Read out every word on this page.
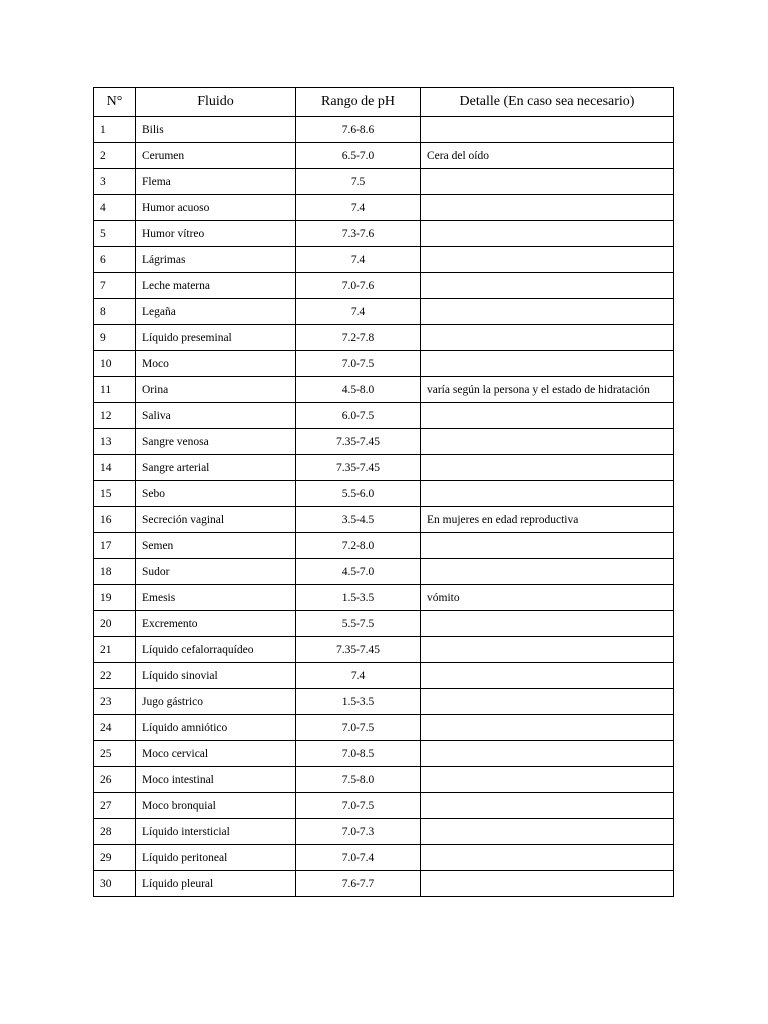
N°	Fluido	Rango de pH	Detalle (En caso sea necesario)
1	Bilis	7.6-8.6	
2	Cerumen	6.5-7.0	Cera del oído
3	Flema	7.5	
4	Humor acuoso	7.4	
5	Humor vítreo	7.3-7.6	
6	Lágrimas	7.4	
7	Leche materna	7.0-7.6	
8	Legaña	7.4	
9	Líquido preseminal	7.2-7.8	
10	Moco	7.0-7.5	
11	Orina	4.5-8.0	varía según la persona y el estado de hidratación
12	Saliva	6.0-7.5	
13	Sangre venosa	7.35-7.45	
14	Sangre arterial	7.35-7.45	
15	Sebo	5.5-6.0	
16	Secreción vaginal	3.5-4.5	En mujeres en edad reproductiva
17	Semen	7.2-8.0	
18	Sudor	4.5-7.0	
19	Emesis	1.5-3.5	vómito
20	Excremento	5.5-7.5	
21	Líquido cefalorraquídeo	7.35-7.45	
22	Líquido sinovial	7.4	
23	Jugo gástrico	1.5-3.5	
24	Líquido amniótico	7.0-7.5	
25	Moco cervical	7.0-8.5	
26	Moco intestinal	7.5-8.0	
27	Moco bronquial	7.0-7.5	
28	Líquido intersticial	7.0-7.3	
29	Líquido peritoneal	7.0-7.4	
30	Líquido pleural	7.6-7.7	
